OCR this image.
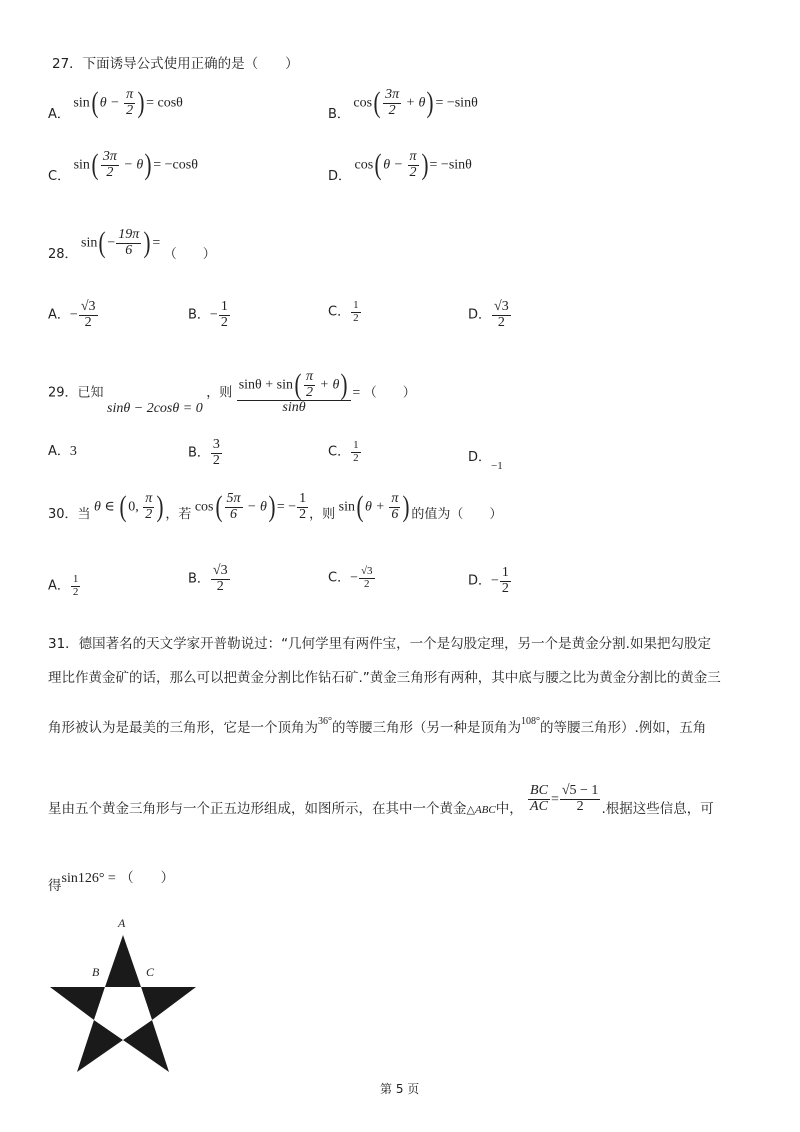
27．下面诱导公式使用正确的是（　　）
A． sin( $\theta - \frac{\pi}{2}$ ) = cosθ
B． $\cos( \frac{3\pi}{2} + \theta) = -\sin\theta$
C． $\sin( \frac{3\pi}{2} - \theta) = -\cos\theta$
D． cos( $\theta - \frac{\pi}{2}$ ) = −sinθ
28． $\sin( - \frac{19\pi}{6}$ ) = （　　）
A．− $\frac{√3}{2}$	B．− $\frac{1}{2}$	C． $\frac{1}{2}$	D． $\frac{√3}{2}$
29．已知 sinθ − 2cosθ = 0 ，则 $\frac{\sin\theta + \sin( \frac{\pi}{2} + \theta)}{\sin\theta}$ = （　　）
A．3	B． $\frac{3}{2}$	C． $\frac{1}{2}$	D．$_{-1}$
30．当 θ ∈ ( 0, $\frac{\pi}{2}$ ) ，若 $\cos( \frac{5\pi}{6} - \theta)$ = − $\frac{1}{2}$ ，则 sin( $\theta + \frac{\pi}{6}$ ) 的值为（　　）
A． $\frac{1}{2}$	B． $\frac{√3}{2}$	C．− $\frac{√3}{2}$	D．− $\frac{1}{2}$
31．德国著名的天文学家开普勒说过：“几何学里有两件宝，一个是勾股定理，另一个是黄金分割.如果把勾股定
理比作黄金矿的话，那么可以把黄金分割比作钻石矿.”黄金三角形有两种，其中底与腰之比为黄金分割比的黄金三
角形被认为是最美的三角形，它是一个顶角为$^{36^\circ}$的等腰三角形（另一种是顶角为$^{108^\circ}$的等腰三角形）.例如，五角
星由五个黄金三角形与一个正五边形组成，如图所示，在其中一个黄金$_{\triangle ABC}$中， $\frac{BC}{AC} = \frac{√5 - 1}{2}$ .根据这些信息，可
得sin126° = （　　）
A
B	C
第 5 页
